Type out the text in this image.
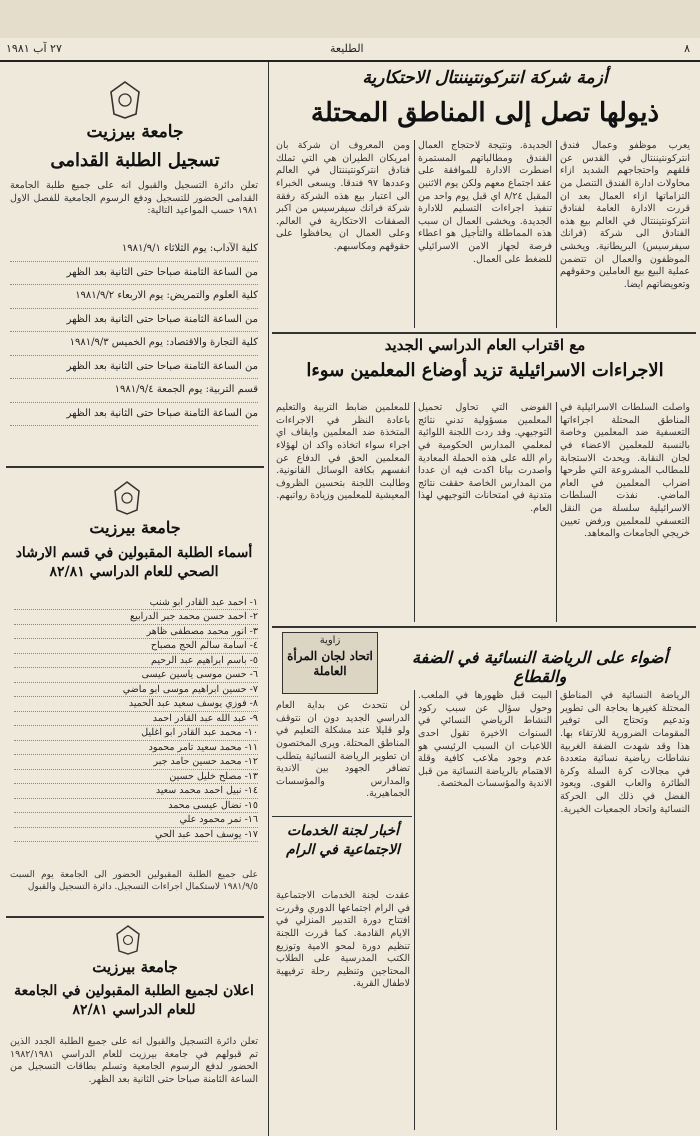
٢٧ آب ١٩٨١	الطليعة	٨
جامعة بيرزيت
تسجيل الطلبة القدامى
تعلن دائرة التسجيل والقبول انه على جميع طلبة الجامعة القدامى الحضور للتسجيل ودفع الرسوم الجامعية للفصل الاول ١٩٨١ حسب المواعيد التالية:
كلية الآداب: يوم الثلاثاء ١٩٨١/٩/١
من الساعة الثامنة صباحا حتى الثانية بعد الظهر
كلية العلوم والتمريض: يوم الاربعاء ١٩٨١/٩/٢
من الساعة الثامنة صباحا حتى الثانية بعد الظهر
كلية التجارة والاقتصاد: يوم الخميس ١٩٨١/٩/٣
من الساعة الثامنة صباحا حتى الثانية بعد الظهر
قسم التربية: يوم الجمعة ١٩٨١/٩/٤
من الساعة الثامنة صباحا حتى الثانية بعد الظهر
جامعة بيرزيت
أسماء الطلبة المقبولين في قسم الارشاد الصحي للعام الدراسي ٨٢/٨١
١- احمد عبد القادر ابو شنب
٢- احمد حسن محمد جبر الدرابيع
٣- انور محمد مصطفى ظاهر
٤- اسامة سالم الحج مصباح
٥- باسم ابراهيم عبد الرحيم
٦- حسن موسى ياسين عيسى
٧- حسين ابراهيم موسى ابو ماضي
٨- فوزي يوسف سعيد عبد الحميد
٩- عبد الله عبد القادر احمد
١٠- محمد عبد القادر ابو اغليل
١١- محمد سعيد تامر محمود
١٢- محمد حسين حامد جبر
١٣- مصلح خليل حسين
١٤- نبيل احمد محمد سعيد
١٥- نضال عيسى محمد
١٦- نمر محمود علي
١٧- يوسف احمد عبد الحي
على جميع الطلبة المقبولين الحضور الى الجامعة يوم السبت ١٩٨١/٩/٥ لاستكمال اجراءات التسجيل. دائرة التسجيل والقبول
جامعة بيرزيت
اعلان لجميع الطلبة المقبولين في الجامعة للعام الدراسي ٨٢/٨١
تعلن دائرة التسجيل والقبول انه على جميع الطلبة الجدد الذين تم قبولهم في جامعة بيرزيت للعام الدراسي ١٩٨٢/١٩٨١ الحضور لدفع الرسوم الجامعية وتسلم بطاقات التسجيل من الساعة الثامنة صباحا حتى الثانية بعد الظهر.
أزمة شركة انتركونتيننتال الاحتكارية
ذيولها تصل إلى المناطق المحتلة
يعرب موظفو وعمال فندق انتركونتيننتال في القدس عن قلقهم واحتجاجهم الشديد ازاء محاولات ادارة الفندق التنصل من التزاماتها ازاء العمال بعد ان قررت الادارة العامة لفنادق انتركونتيننتال في العالم بيع هذه الفنادق الى شركة (فرانك سيفرسيس) البريطانية. ويخشى الموظفون والعمال ان تتضمن عملية البيع بيع العاملين وحقوقهم وتعويضاتهم ايضا.
الجديدة. ونتيجة لاحتجاج العمال الفندق ومطالباتهم المستمرة اضطرت الادارة للموافقة على عقد اجتماع معهم ولكن يوم الاثنين المقبل ٨/٢٤ اي قبل يوم واحد من تنفيذ اجراءات التسليم للادارة الجديدة. ويخشى العمال ان سبب هذه المماطلة والتأجيل هو اعطاء فرصة لجهاز الامن الاسرائيلي للضغط على العمال.
ومن المعروف ان شركة بان امريكان الطيران هي التي تملك فنادق انتركونتيننتال في العالم وعددها ٩٧ فندقا. ويسعى الخبراء الى اعتبار بيع هذه الشركة رفقة شركة فرانك سيفرسيس من اكبر الصفقات الاحتكارية في العالم. وعلى العمال ان يحافظوا على حقوقهم ومكاسبهم.
مع اقتراب العام الدراسي الجديد
الاجراءات الاسرائيلية تزيد أوضاع المعلمين سوءا
واصلت السلطات الاسرائيلية في المناطق المحتلة اجراءاتها التعسفية ضد المعلمين وخاصة بالنسبة للمعلمين الاعضاء في لجان النقابة. ويحدث الاستجابة للمطالب المشروعة التي طرحها اضراب المعلمين في العام الماضي. نفذت السلطات الاسرائيلية سلسلة من النقل التعسفي للمعلمين ورفض تعيين خريجي الجامعات والمعاهد.
الفوضى التي تحاول تحميل المعلمين مسؤولية تدني نتائج التوجيهي. وقد ردت اللجنة اللوائية لمعلمي المدارس الحكومية في رام الله على هذه الحملة المعادية واصدرت بيانا اكدت فيه ان عددا من المدارس الخاصة حققت نتائج متدنية في امتحانات التوجيهي لهذا العام.
للمعلمين ضابط التربية والتعليم باعادة النظر في الاجراءات المتخذة ضد المعلمين وايقاف اي اجراء سواء اتخاذه واكد ان لهؤلاء المعلمين الحق في الدفاع عن انفسهم بكافة الوسائل القانونية. وطالبت اللجنة بتحسين الظروف المعيشية للمعلمين وزيادة رواتبهم.
زاوية
اتحاد لجان المرأة العاملة
أضواء على الرياضة النسائية في الضفة والقطاع
الرياضة النسائية في المناطق المحتلة كغيرها بحاجة الى تطوير وتدعيم وتحتاج الى توفير المقومات الضرورية للارتقاء بها. هذا وقد شهدت الضفة الغربية نشاطات رياضية نسائية متعددة في مجالات كرة السلة وكرة الطائرة والعاب القوى. ويعود الفضل في ذلك الى الحركة النسائية واتحاد الجمعيات الخيرية.
البيت قبل ظهورها في الملعب. وحول سؤال عن سبب ركود النشاط الرياضي النسائي في السنوات الاخيرة تقول احدى اللاعبات ان السبب الرئيسي هو عدم وجود ملاعب كافية وقلة الاهتمام بالرياضة النسائية من قبل الاندية والمؤسسات المختصة.
لن نتحدث عن بداية العام الدراسي الجديد دون ان نتوقف ولو قليلا عند مشكلة التعليم في المناطق المحتلة. ويرى المختصون ان تطوير الرياضة النسائية يتطلب تضافر الجهود بين الاندية والمدارس والمؤسسات الجماهيرية.
أخبار لجنة الخدمات الاجتماعية في الرام
عقدت لجنة الخدمات الاجتماعية في الرام اجتماعها الدوري وقررت افتتاح دورة التدبير المنزلي في الايام القادمة. كما قررت اللجنة تنظيم دورة لمحو الامية وتوزيع الكتب المدرسية على الطلاب المحتاجين وتنظيم رحلة ترفيهية لاطفال القرية.
